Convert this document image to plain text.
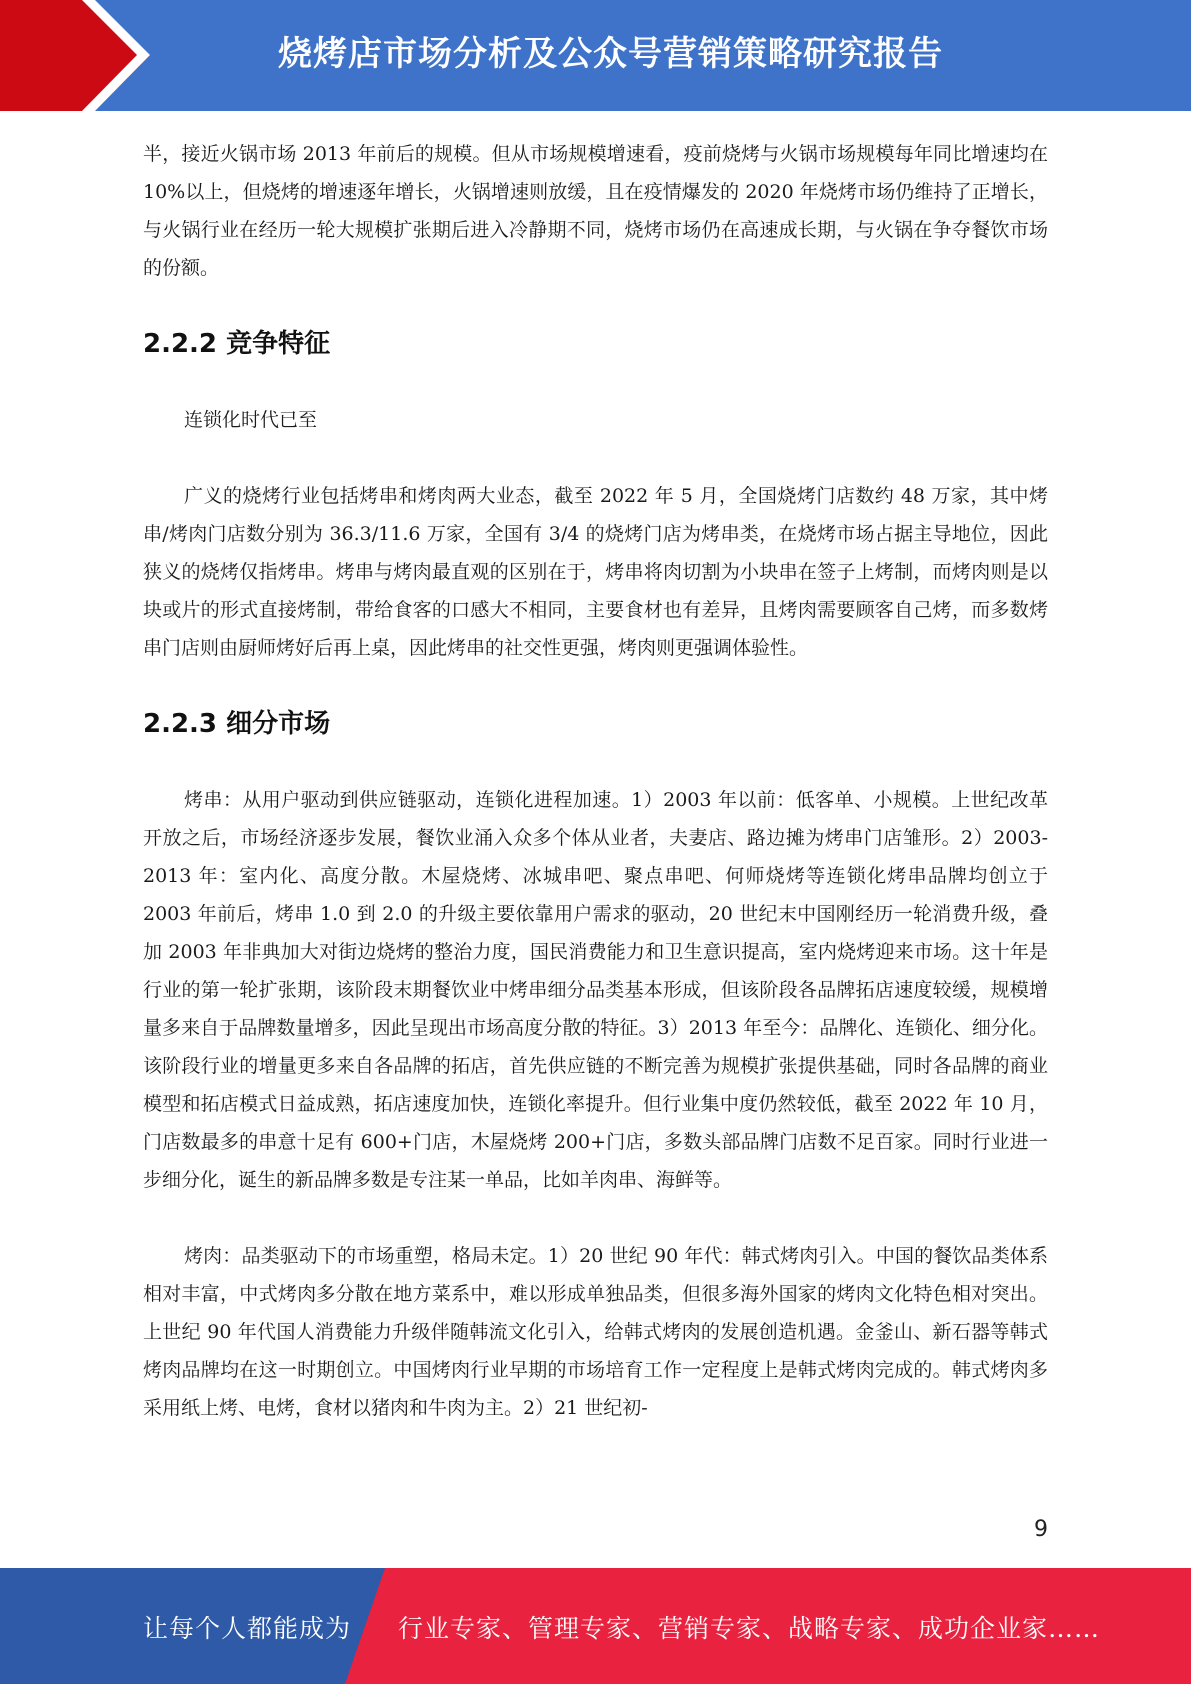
烧烤店市场分析及公众号营销策略研究报告

半，接近火锅市场 2013 年前后的规模。但从市场规模增速看，疫前烧烤与火锅市场规模每年同比增速均在 10%以上，但烧烤的增速逐年增长，火锅增速则放缓，且在疫情爆发的 2020 年烧烤市场仍维持了正增长，与火锅行业在经历一轮大规模扩张期后进入冷静期不同，烧烤市场仍在高速成长期，与火锅在争夺餐饮市场的份额。

2.2.2 竞争特征

连锁化时代已至

广义的烧烤行业包括烤串和烤肉两大业态，截至 2022 年 5 月，全国烧烤门店数约 48 万家，其中烤串/烤肉门店数分别为 36.3/11.6 万家，全国有 3/4 的烧烤门店为烤串类，在烧烤市场占据主导地位，因此狭义的烧烤仅指烤串。烤串与烤肉最直观的区别在于，烤串将肉切割为小块串在签子上烤制，而烤肉则是以块或片的形式直接烤制，带给食客的口感大不相同，主要食材也有差异，且烤肉需要顾客自己烤，而多数烤串门店则由厨师烤好后再上桌，因此烤串的社交性更强，烤肉则更强调体验性。

2.2.3 细分市场

烤串：从用户驱动到供应链驱动，连锁化进程加速。1）2003 年以前：低客单、小规模。上世纪改革开放之后，市场经济逐步发展，餐饮业涌入众多个体从业者，夫妻店、路边摊为烤串门店雏形。2）2003-2013 年：室内化、高度分散。木屋烧烤、冰城串吧、聚点串吧、何师烧烤等连锁化烤串品牌均创立于 2003 年前后，烤串 1.0 到 2.0 的升级主要依靠用户需求的驱动，20 世纪末中国刚经历一轮消费升级，叠加 2003 年非典加大对街边烧烤的整治力度，国民消费能力和卫生意识提高，室内烧烤迎来市场。这十年是行业的第一轮扩张期，该阶段末期餐饮业中烤串细分品类基本形成，但该阶段各品牌拓店速度较缓，规模增量多来自于品牌数量增多，因此呈现出市场高度分散的特征。3）2013 年至今：品牌化、连锁化、细分化。该阶段行业的增量更多来自各品牌的拓店，首先供应链的不断完善为规模扩张提供基础，同时各品牌的商业模型和拓店模式日益成熟，拓店速度加快，连锁化率提升。但行业集中度仍然较低，截至 2022 年 10 月，门店数最多的串意十足有 600+门店，木屋烧烤 200+门店，多数头部品牌门店数不足百家。同时行业进一步细分化，诞生的新品牌多数是专注某一单品，比如羊肉串、海鲜等。

烤肉：品类驱动下的市场重塑，格局未定。1）20 世纪 90 年代：韩式烤肉引入。中国的餐饮品类体系相对丰富，中式烤肉多分散在地方菜系中，难以形成单独品类，但很多海外国家的烤肉文化特色相对突出。上世纪 90 年代国人消费能力升级伴随韩流文化引入，给韩式烤肉的发展创造机遇。金釜山、新石器等韩式烤肉品牌均在这一时期创立。中国烤肉行业早期的市场培育工作一定程度上是韩式烤肉完成的。韩式烤肉多采用纸上烤、电烤，食材以猪肉和牛肉为主。2）21 世纪初-

9
让每个人都能成为 行业专家、管理专家、营销专家、战略专家、成功企业家……
